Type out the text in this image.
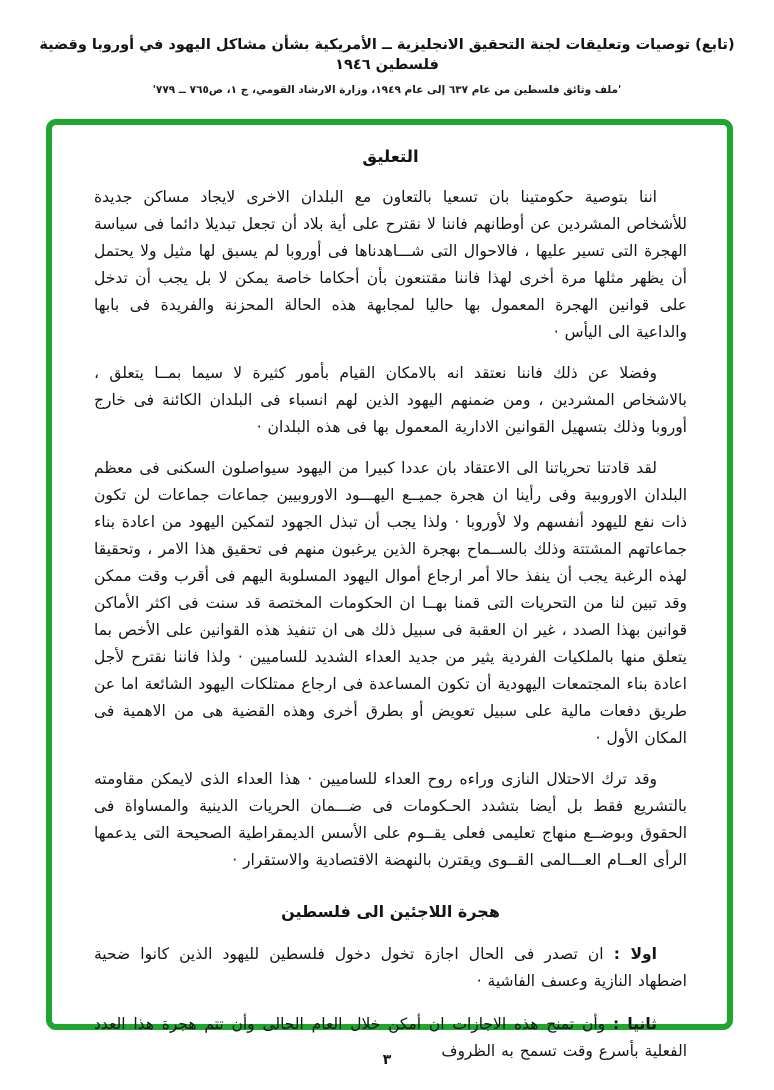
(تابع) توصيات وتعليقات لجنة التحقيق الانجليزية ــ الأمريكية بشأن مشاكل اليهود في أوروبا وقضية فلسطين ١٩٤٦
'ملف وثائق فلسطين من عام ٦٣٧ إلى عام ١٩٤٩، وزارة الارشاد القومي، ج ١، ص٧٦٥ ــ ٧٧٩'
التعليق

اننا بتوصية حكومتينا بان تسعيا بالتعاون مع البلدان الاخرى لايجاد مساكن جديدة للأشخاص المشردين عن أوطانهم فاننا لا نقترح على أية بلاد أن تجعل تبديلا دائما فى سياسة الهجرة التى تسير عليها ، فالاحوال التى شـــاهدناها فى أوروبا لم يسبق لها مثيل ولا يحتمل أن يظهر مثلها مرة أخرى لهذا فاننا مقتنعون بأن أحكاما خاصة يمكن لا بل يجب أن تدخل على قوانين الهجرة المعمول بها حاليا لمجابهة هذه الحالة المحزنة والفريدة فى بابها والداعية الى اليأس ·

وفضلا عن ذلك فاننا نعتقد انه بالامكان القيام بأمور كثيرة لا سيما بمــا يتعلق ، بالاشخاص المشردين ، ومن ضمنهم اليهود الذين لهم انسباء فى البلدان الكائنة فى خارج أوروبا وذلك بتسهيل القوانين الادارية المعمول بها فى هذه البلدان ·

لقد قادتنا تحرياتنا الى الاعتقاد بان عددا كبيرا من اليهود سيواصلون السكنى فى معظم البلدان الاوروبية وفى رأينا ان هجرة جميــع اليهـــود الاوروبيين جماعات جماعات لن تكون ذات نفع لليهود أنفسهم ولا لأوروبا · ولذا يجب أن تبذل الجهود لتمكين اليهود من اعادة بناء جماعاتهم المشتتة وذلك بالســماح بهجرة الذين يرغبون منهم فى تحقيق هذا الامر ، وتحقيقا لهذه الرغبة يجب أن ينفذ حالا أمر ارجاع أموال اليهود المسلوبة اليهم فى أقرب وقت ممكن وقد تبين لنا من التحريات التى قمنا بهــا ان الحكومات المختصة قد سنت فى اكثر الأماكن قوانين بهذا الصدد ، غير ان العقبة فى سبيل ذلك هى ان تنفيذ هذه القوانين على الأخص بما يتعلق منها بالملكيات الفردية يثير من جديد العداء الشديد للساميين · ولذا فاننا نقترح لأجل اعادة بناء المجتمعات اليهودية أن تكون المساعدة فى ارجاع ممتلكات اليهود الشائعة اما عن طريق دفعات مالية على سبيل تعويض أو بطرق أخرى وهذه القضية هى من الاهمية فى المكان الأول ·

وقد ترك الاحتلال النازى وراءه روح العداء للساميين · هذا العداء الذى لايمكن مقاومته بالتشريع فقط بل أيضا بتشدد الحـكومات فى ضـــمان الحريات الدينية والمساواة فى الحقوق وبوضــع منهاج تعليمى فعلى يقــوم على الأسس الديمقراطية الصحيحة التى يدعمها الرأى العــام العـــالمى القــوى ويقترن بالنهضة الاقتصادية والاستقرار ·

هجرة اللاجئين الى فلسطين

اولا : ان تصدر فى الحال اجازة تخول دخول فلسطين لليهود الذين كانوا ضحية اضطهاد النازية وعسف الفاشية ·

ثانيا : وأن تمنح هذه الاجازات ان أمكن خلال العام الحالى وأن تتم هجرة هذا العدد الفعلية بأسرع وقت تسمح به الظروف

٣
